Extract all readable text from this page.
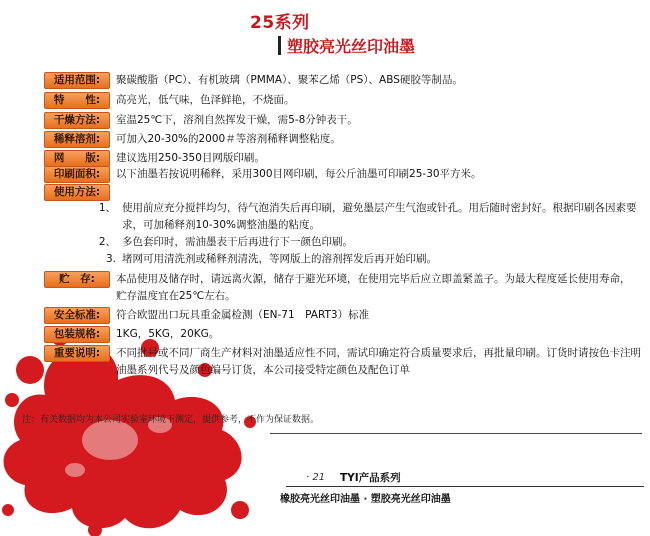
25系列
塑胶亮光丝印油墨
适用范围:	聚碳酸脂（PC）、有机玻璃（PMMA）、聚苯乙烯（PS）、ABS硬胶等制品。
特　　性:	高亮光，低气味，色泽鲜艳，不烧面。
干燥方法:	室温25℃下，溶剂自然挥发干燥，需5-8分钟表干。
稀释溶剂:	可加入20-30%的2000＃等溶剂稀释调整粘度。
网　　版:	建议选用250-350目网版印刷。
印刷面积:	以下油墨若按说明稀释，采用300目网印刷，每公斤油墨可印刷25-30平方米。
使用方法:
1、 使用前应充分搅拌均匀，待气泡消失后再印刷，避免墨层产生气泡或针孔。用后随时密封好。根据印刷各因素要求，可加稀释剂10-30%调整油墨的粘度。
2、 多色套印时，需油墨表干后再进行下一颜色印刷。
3. 堵网可用清洗剂或稀释剂清洗，等网版上的溶剂挥发后再开始印刷。
贮　存:	本品使用及储存时，请远离火源，储存于避光环境，在使用完毕后应立即盖紧盖子。为最大程度延长使用寿命，贮存温度宜在25℃左右。
安全标准:	符合欧盟出口玩具重金属检测（EN-71　PART3）标准
包装规格:	1KG，5KG，20KG。
重要说明:	不同批号或不同厂商生产材料对油墨适应性不同，需试印确定符合质量要求后，再批量印刷。订货时请按色卡注明油墨系列代号及颜色编号订货，本公司接受特定颜色及配色订单
注：有关数据均为本公司实验室环境下测定，提供参考，不作为保证数据。
· 21 TYI产品系列
橡胶亮光丝印油墨 · 塑胶亮光丝印油墨
